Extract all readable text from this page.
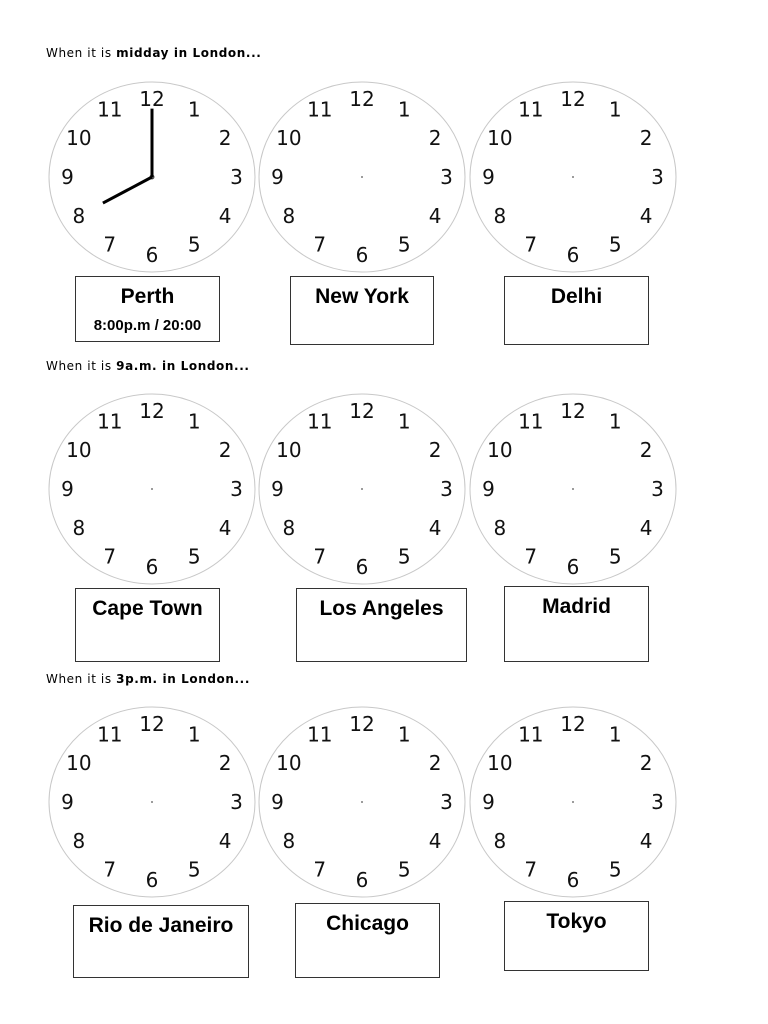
When it is midday in London...
12 1
2
3
4
5
6
7
8
9
10
11	12 1
2
3
4
5
6
7
8
9
10
11	12 1
2
3
4
5
6
7
8
9
10
11
Perth
8:00p.m / 20:00
New York	Delhi
When it is 9a.m. in London...
12 1
2
3
4
5
6
7
8
9
10
11	12 1
2
3
4
5
6
7
8
9
10
11	12 1
2
3
4
5
6
7
8
9
10
11
Cape Town	Los Angeles	Madrid
When it is 3p.m. in London...
12 1
2
3
4
5
6
7
8
9
10
11	12 1
2
3
4
5
6
7
8
9
10
11	12 1
2
3
4
5
6
7
8
9
10
11
Rio de Janeiro	Chicago	Tokyo
